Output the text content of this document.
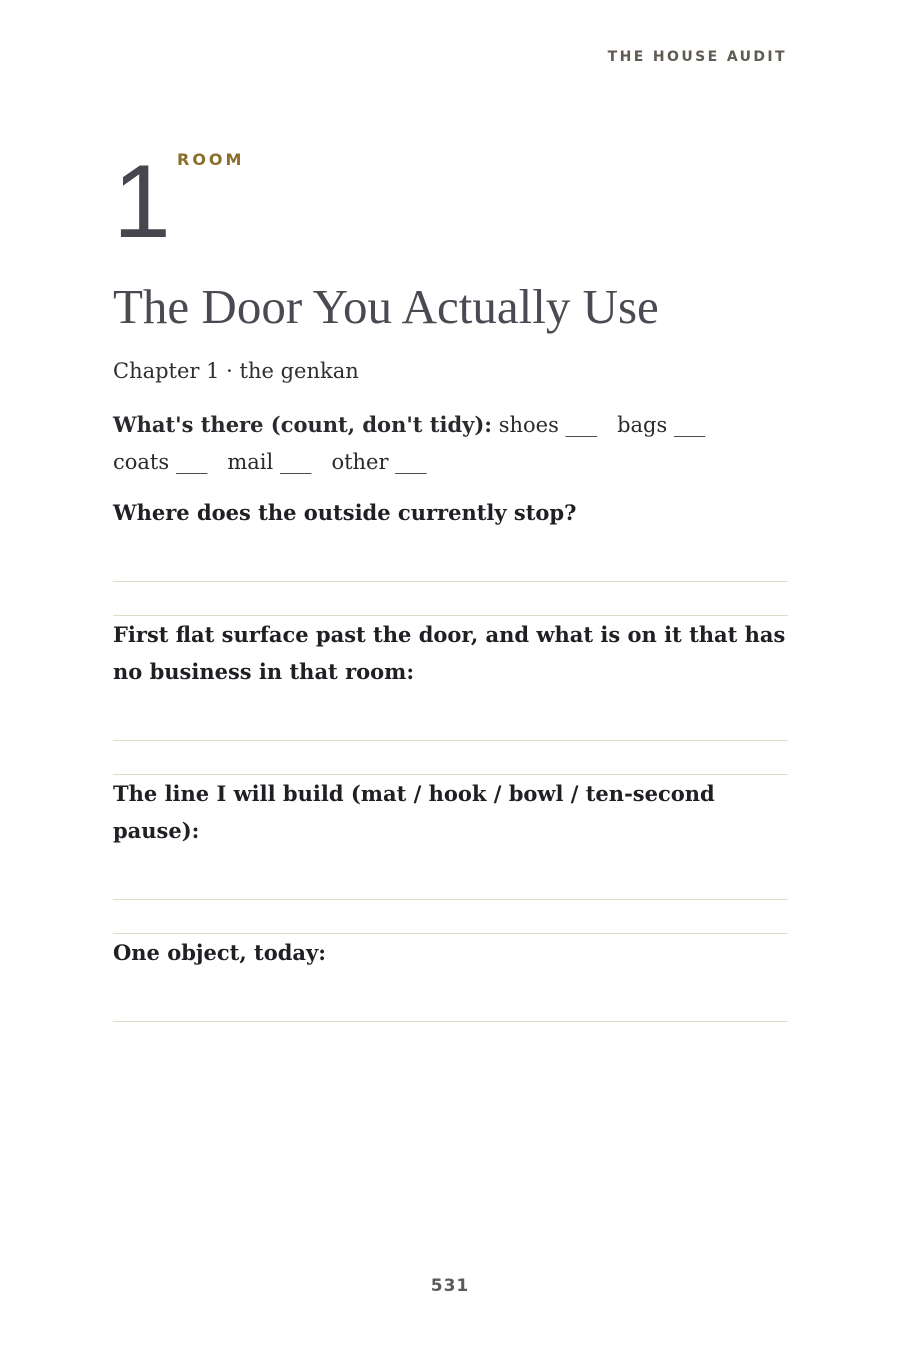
THE HOUSE AUDIT
1 ROOM
The Door You Actually Use
Chapter 1 · the genkan
What's there (count, don't tidy): shoes ___ bags ___
coats ___ mail ___ other ___
Where does the outside currently stop?
First flat surface past the door, and what is on it that has no business in that room:
The line I will build (mat / hook / bowl / ten-second pause):
One object, today:
531
